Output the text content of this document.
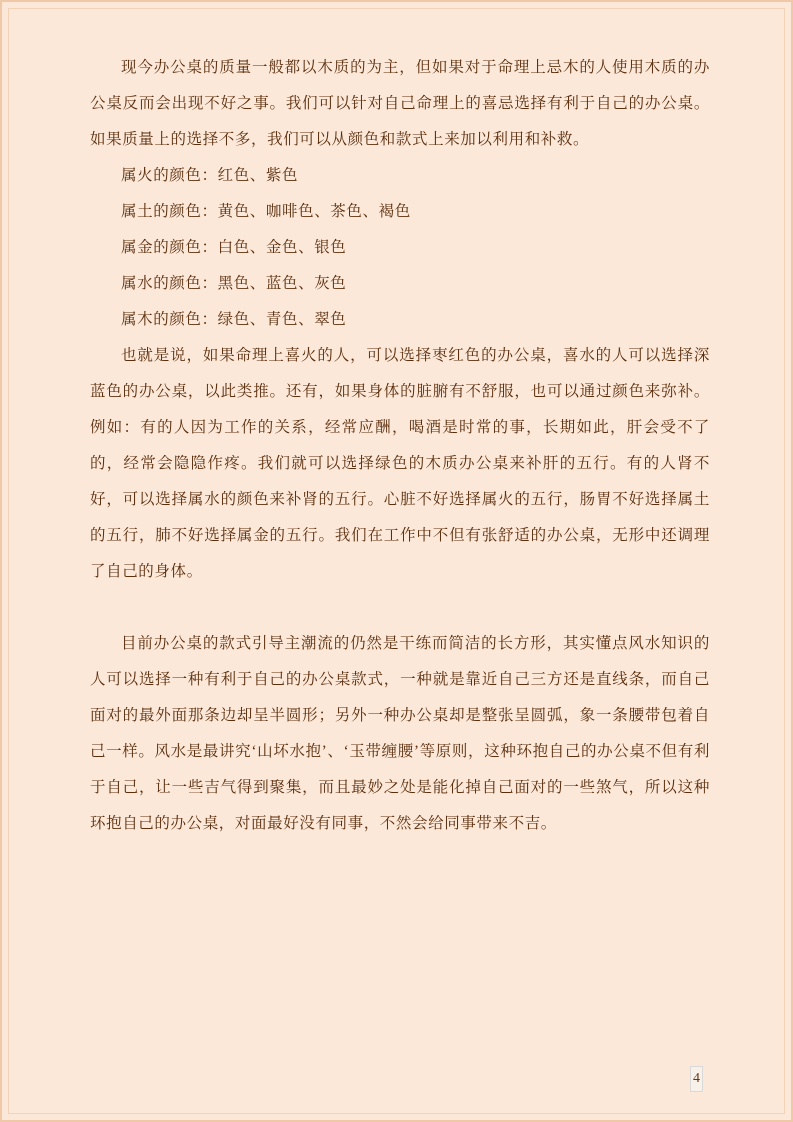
现今办公桌的质量一般都以木质的为主，但如果对于命理上忌木的人使用木质的办公桌反而会出现不好之事。我们可以针对自己命理上的喜忌选择有利于自己的办公桌。如果质量上的选择不多，我们可以从颜色和款式上来加以利用和补救。

属火的颜色：红色、紫色

属土的颜色：黄色、咖啡色、茶色、褐色

属金的颜色：白色、金色、银色

属水的颜色：黑色、蓝色、灰色

属木的颜色：绿色、青色、翠色

也就是说，如果命理上喜火的人，可以选择枣红色的办公桌，喜水的人可以选择深蓝色的办公桌，以此类推。还有，如果身体的脏腑有不舒服，也可以通过颜色来弥补。例如：有的人因为工作的关系，经常应酬，喝酒是时常的事，长期如此，肝会受不了的，经常会隐隐作疼。我们就可以选择绿色的木质办公桌来补肝的五行。有的人肾不好，可以选择属水的颜色来补肾的五行。心脏不好选择属火的五行，肠胃不好选择属土的五行，肺不好选择属金的五行。我们在工作中不但有张舒适的办公桌，无形中还调理了自己的身体。

目前办公桌的款式引导主潮流的仍然是干练而简洁的长方形，其实懂点风水知识的人可以选择一种有利于自己的办公桌款式，一种就是靠近自己三方还是直线条，而自己面对的最外面那条边却呈半圆形；另外一种办公桌却是整张呈圆弧，象一条腰带包着自己一样。风水是最讲究‘山坏水抱’、‘玉带缠腰’等原则，这种环抱自己的办公桌不但有利于自己，让一些吉气得到聚集，而且最妙之处是能化掉自己面对的一些煞气，所以这种环抱自己的办公桌，对面最好没有同事，不然会给同事带来不吉。

4
